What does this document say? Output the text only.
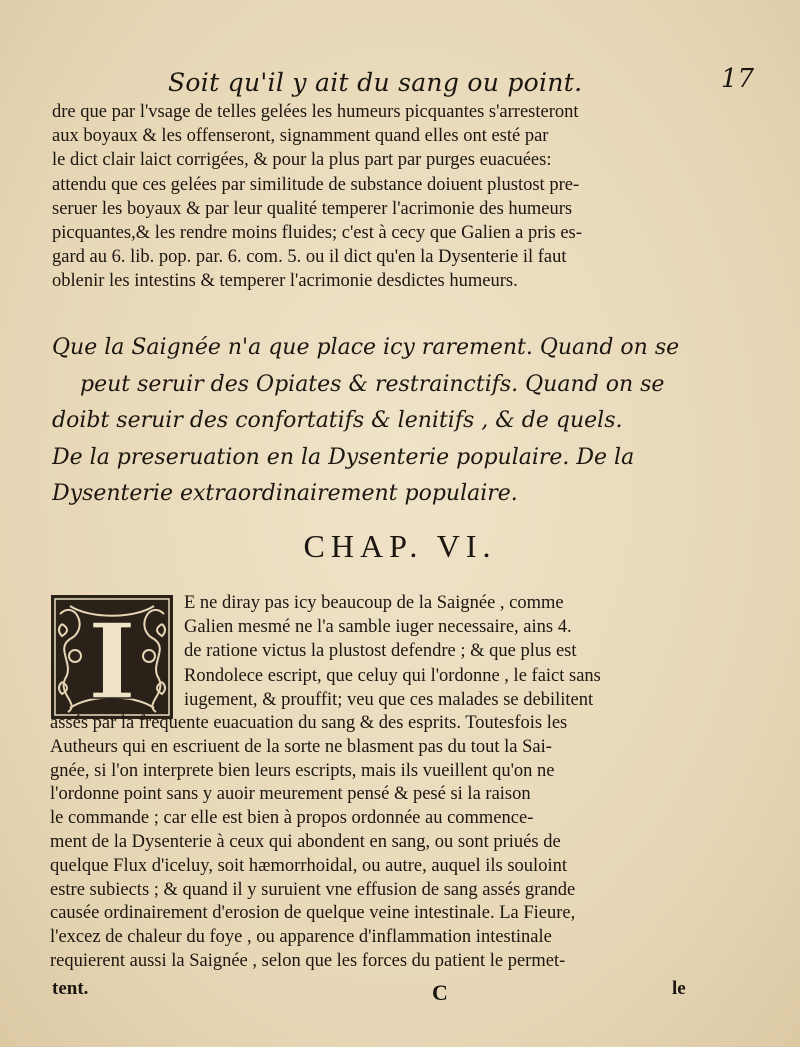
Soit qu'il y ait du sang ou point.	17
dre que par l'vsage de telles gelées les humeurs picquantes s'arresteront
aux boyaux & les offenseront, signamment quand elles ont esté par
le dict clair laict corrigées, & pour la plus part par purges euacuées:
attendu que ces gelées par similitude de substance doiuent plustost pre-
seruer les boyaux & par leur qualité temperer l'acrimonie des humeurs
picquantes,& les rendre moins fluides; c'est à cecy que Galien a pris es-
gard au 6. lib. pop. par. 6. com. 5. ou il dict qu'en la Dysenterie il faut
oblenir les intestins & temperer l'acrimonie desdictes humeurs.
Que la Saignée n'a que place icy rarement. Quand on se
peut seruir des Opiates & restrainctifs. Quand on se
doibt seruir des confortatifs & lenitifs , & de quels.
De la preseruation en la Dysenterie populaire. De la
Dysenterie extraordinairement populaire.
CHAP. VI.
I	E ne diray pas icy beaucoup de la Saignée , comme
Galien mesmé ne l'a samble iuger necessaire, ains 4.
de ratione victus la plustost defendre ; & que plus est
Rondolece escript, que celuy qui l'ordonne , le faict sans
iugement, & prouffit; veu que ces malades se debilitent
assés par la frequente euacuation du sang & des esprits. Toutesfois les
Autheurs qui en escriuent de la sorte ne blasment pas du tout la Sai-
gnée, si l'on interprete bien leurs escripts, mais ils vueillent qu'on ne
l'ordonne point sans y auoir meurement pensé & pesé si la raison
le commande ; car elle est bien à propos ordonnée au commence-
ment de la Dysenterie à ceux qui abondent en sang, ou sont priués de
quelque Flux d'iceluy, soit hæmorrhoidal, ou autre, auquel ils souloint
estre subiects ; & quand il y suruient vne effusion de sang assés grande
causée ordinairement d'erosion de quelque veine intestinale. La Fieure,
l'excez de chaleur du foye , ou apparence d'inflammation intestinale
requierent aussi la Saignée , selon que les forces du patient le permet-
tent.	C	le
